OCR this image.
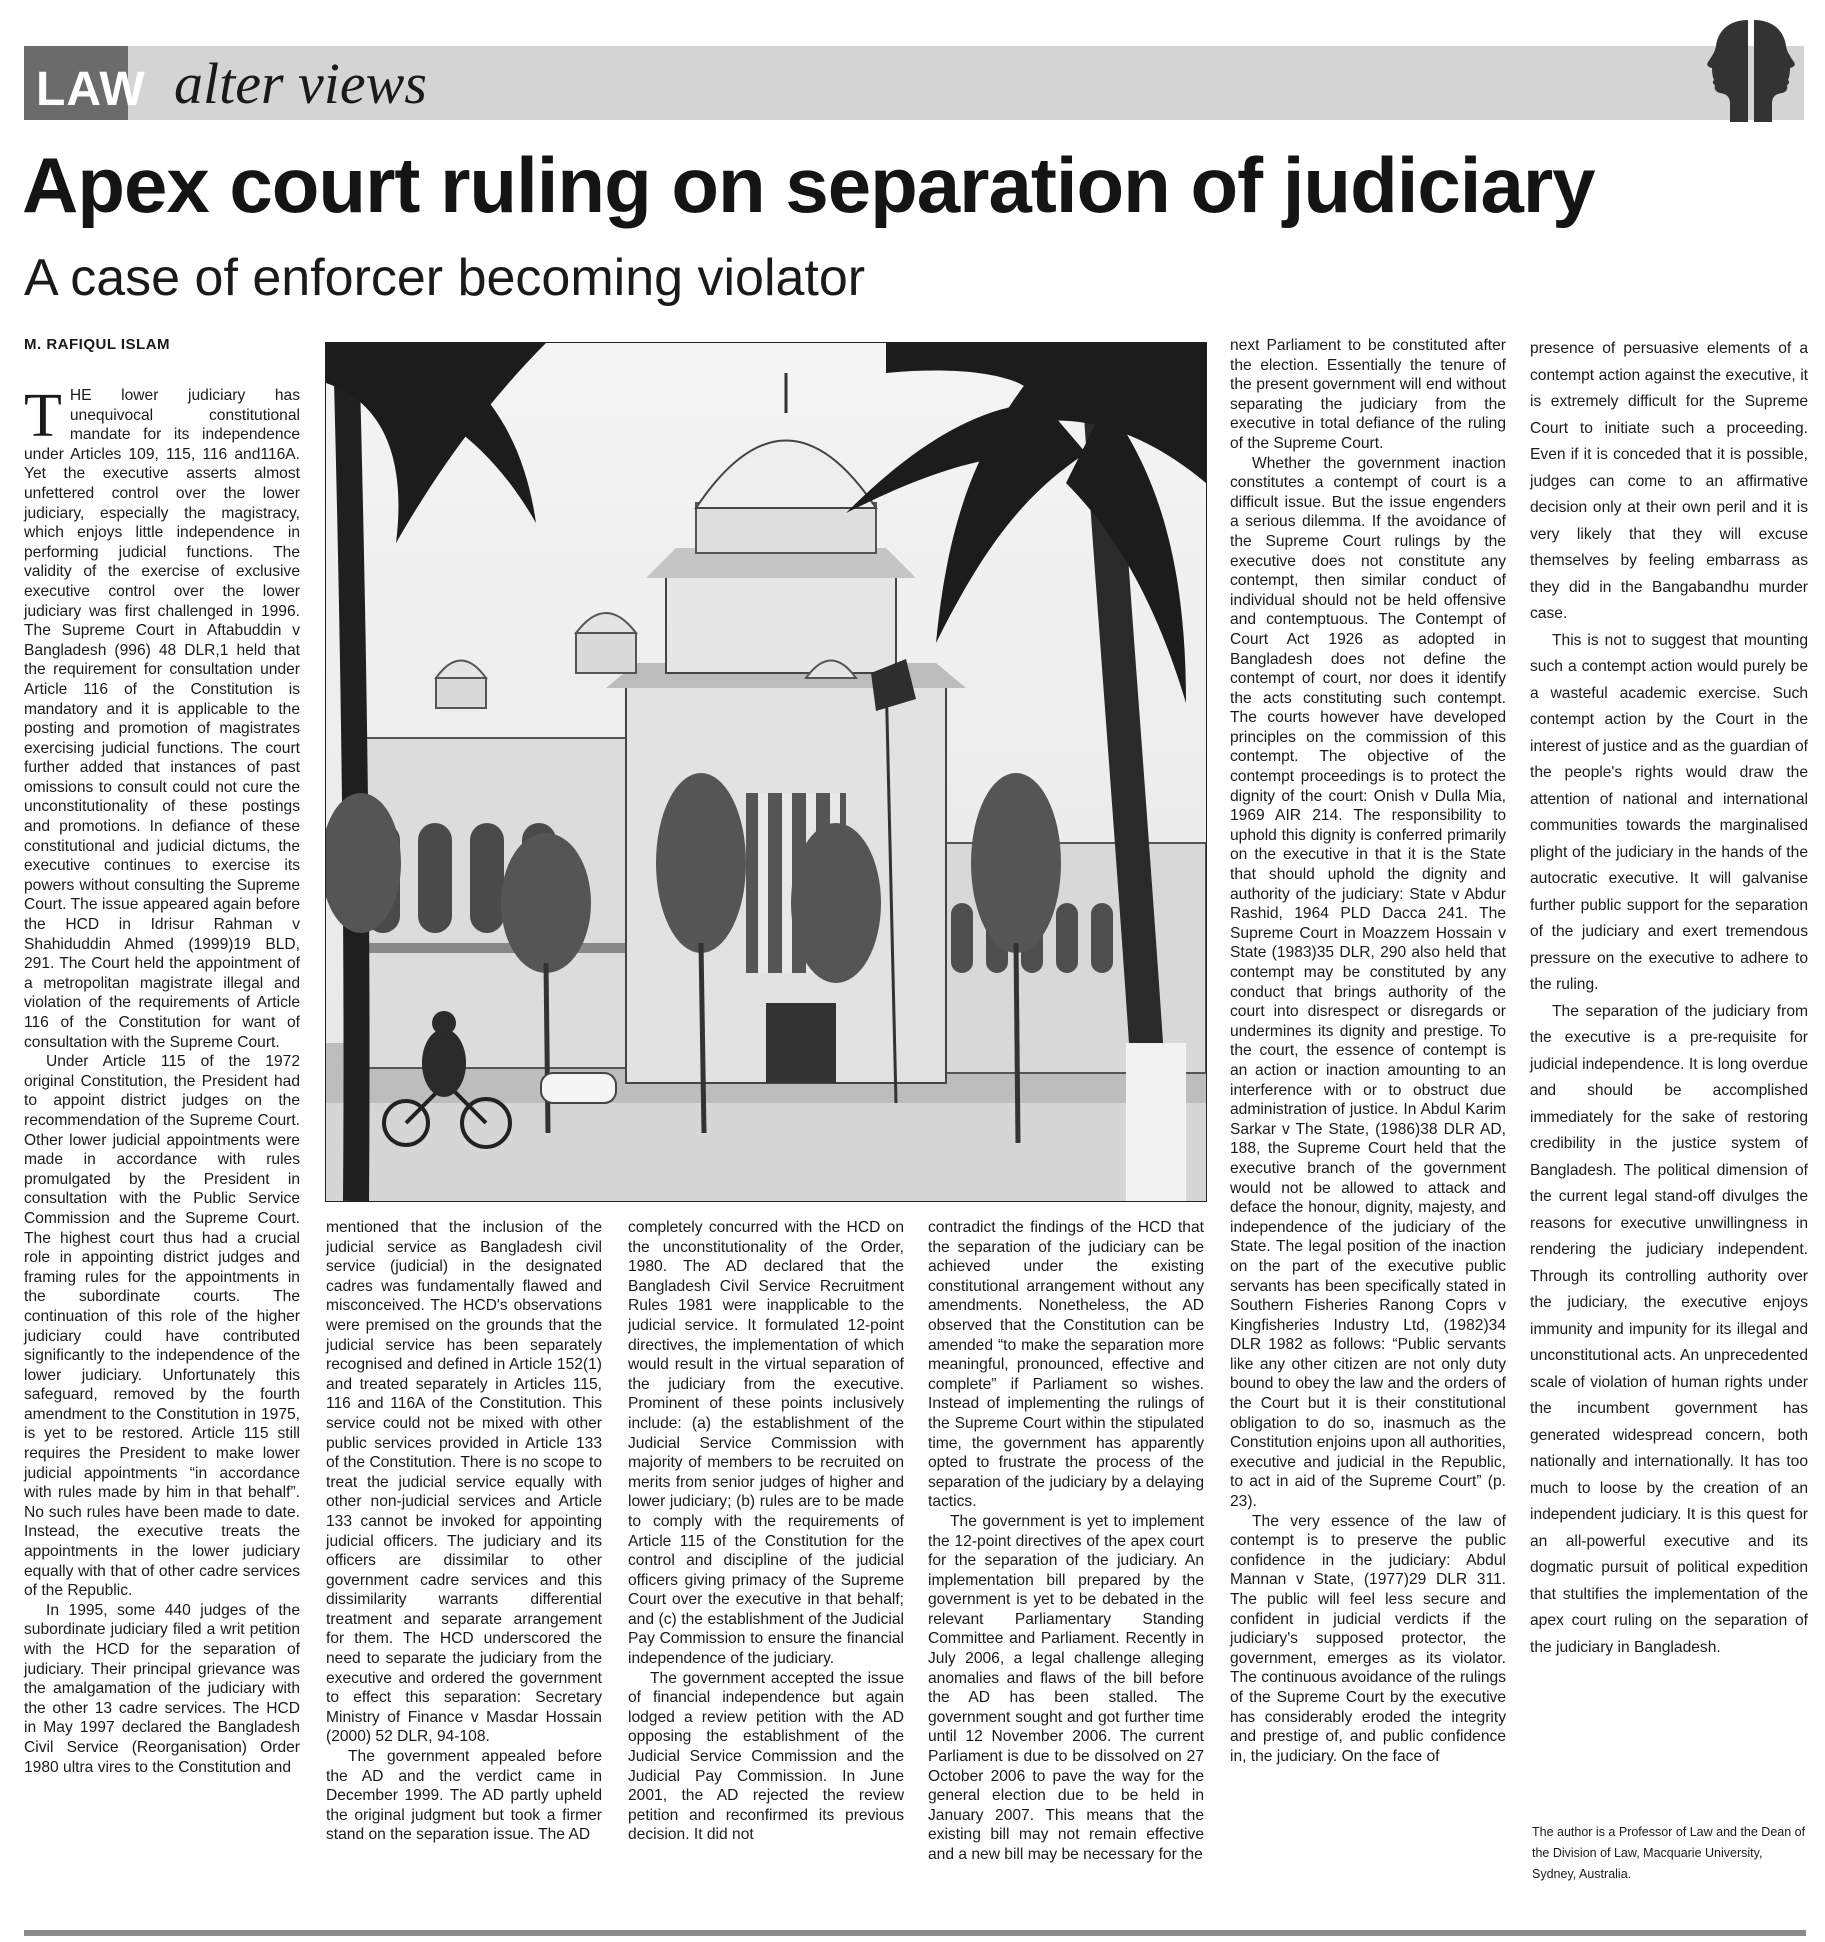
LAW alter views
Apex court ruling on separation of judiciary
A case of enforcer becoming violator
M. RAFIQUL ISLAM

THE lower judiciary has unequivocal constitutional mandate for its independence under Articles 109, 115, 116 and116A. Yet the executive asserts almost unfettered control over the lower judiciary, especially the magistracy, which enjoys little independence in performing judicial functions. The validity of the exercise of exclusive executive control over the lower judiciary was first challenged in 1996. The Supreme Court in Aftabuddin v Bangladesh (996) 48 DLR,1 held that the requirement for consultation under Article 116 of the Constitution is mandatory and it is applicable to the posting and promotion of magistrates exercising judicial functions. The court further added that instances of past omissions to consult could not cure the unconstitutionality of these postings and promotions. In defiance of these constitutional and judicial dictums, the executive continues to exercise its powers without consulting the Supreme Court. The issue appeared again before the HCD in Idrisur Rahman v Shahiduddin Ahmed (1999)19 BLD, 291. The Court held the appointment of a metropolitan magistrate illegal and violation of the requirements of Article 116 of the Constitution for want of consultation with the Supreme Court.

Under Article 115 of the 1972 original Constitution, the President had to appoint district judges on the recommendation of the Supreme Court. Other lower judicial appointments were made in accordance with rules promulgated by the President in consultation with the Public Service Commission and the Supreme Court. The highest court thus had a crucial role in appointing district judges and framing rules for the appointments in the subordinate courts. The continuation of this role of the higher judiciary could have contributed significantly to the independence of the lower judiciary. Unfortunately this safeguard, removed by the fourth amendment to the Constitution in 1975, is yet to be restored. Article 115 still requires the President to make lower judicial appointments “in accordance with rules made by him in that behalf”. No such rules have been made to date. Instead, the executive treats the appointments in the lower judiciary equally with that of other cadre services of the Republic.

In 1995, some 440 judges of the subordinate judiciary filed a writ petition with the HCD for the separation of judiciary. Their principal grievance was the amalgamation of the judiciary with the other 13 cadre services. The HCD in May 1997 declared the Bangladesh Civil Service (Reorganisation) Order 1980 ultra vires to the Constitution and

mentioned that the inclusion of the judicial service as Bangladesh civil service (judicial) in the designated cadres was fundamentally flawed and misconceived. The HCD's observations were premised on the grounds that the judicial service has been separately recognised and defined in Article 152(1) and treated separately in Articles 115, 116 and 116A of the Constitution. This service could not be mixed with other public services provided in Article 133 of the Constitution. There is no scope to treat the judicial service equally with other non-judicial services and Article 133 cannot be invoked for appointing judicial officers. The judiciary and its officers are dissimilar to other government cadre services and this dissimilarity warrants differential treatment and separate arrangement for them. The HCD underscored the need to separate the judiciary from the executive and ordered the government to effect this separation: Secretary Ministry of Finance v Masdar Hossain (2000) 52 DLR, 94-108.

The government appealed before the AD and the verdict came in December 1999. The AD partly upheld the original judgment but took a firmer stand on the separation issue. The AD

completely concurred with the HCD on the unconstitutionality of the Order, 1980. The AD declared that the Bangladesh Civil Service Recruitment Rules 1981 were inapplicable to the judicial service. It formulated 12-point directives, the implementation of which would result in the virtual separation of the judiciary from the executive. Prominent of these points inclusively include: (a) the establishment of the Judicial Service Commission with majority of members to be recruited on merits from senior judges of higher and lower judiciary; (b) rules are to be made to comply with the requirements of Article 115 of the Constitution for the control and discipline of the judicial officers giving primacy of the Supreme Court over the executive in that behalf; and (c) the establishment of the Judicial Pay Commission to ensure the financial independence of the judiciary.

The government accepted the issue of financial independence but again lodged a review petition with the AD opposing the establishment of the Judicial Service Commission and the Judicial Pay Commission. In June 2001, the AD rejected the review petition and reconfirmed its previous decision. It did not

contradict the findings of the HCD that the separation of the judiciary can be achieved under the existing constitutional arrangement without any amendments. Nonetheless, the AD observed that the Constitution can be amended “to make the separation more meaningful, pronounced, effective and complete” if Parliament so wishes. Instead of implementing the rulings of the Supreme Court within the stipulated time, the government has apparently opted to frustrate the process of the separation of the judiciary by a delaying tactics.

The government is yet to implement the 12-point directives of the apex court for the separation of the judiciary. An implementation bill prepared by the government is yet to be debated in the relevant Parliamentary Standing Committee and Parliament. Recently in July 2006, a legal challenge alleging anomalies and flaws of the bill before the AD has been stalled. The government sought and got further time until 12 November 2006. The current Parliament is due to be dissolved on 27 October 2006 to pave the way for the general election due to be held in January 2007. This means that the existing bill may not remain effective and a new bill may be necessary for the

next Parliament to be constituted after the election. Essentially the tenure of the present government will end without separating the judiciary from the executive in total defiance of the ruling of the Supreme Court.

Whether the government inaction constitutes a contempt of court is a difficult issue. But the issue engenders a serious dilemma. If the avoidance of the Supreme Court rulings by the executive does not constitute any contempt, then similar conduct of individual should not be held offensive and contemptuous. The Contempt of Court Act 1926 as adopted in Bangladesh does not define the contempt of court, nor does it identify the acts constituting such contempt. The courts however have developed principles on the commission of this contempt. The objective of the contempt proceedings is to protect the dignity of the court: Onish v Dulla Mia, 1969 AIR 214. The responsibility to uphold this dignity is conferred primarily on the executive in that it is the State that should uphold the dignity and authority of the judiciary: State v Abdur Rashid, 1964 PLD Dacca 241. The Supreme Court in Moazzem Hossain v State (1983)35 DLR, 290 also held that contempt may be constituted by any conduct that brings authority of the court into disrespect or disregards or undermines its dignity and prestige. To the court, the essence of contempt is an action or inaction amounting to an interference with or to obstruct due administration of justice. In Abdul Karim Sarkar v The State, (1986)38 DLR AD, 188, the Supreme Court held that the executive branch of the government would not be allowed to attack and deface the honour, dignity, majesty, and independence of the judiciary of the State. The legal position of the inaction on the part of the executive public servants has been specifically stated in Southern Fisheries Ranong Coprs v Kingfisheries Industry Ltd, (1982)34 DLR 1982 as follows: “Public servants like any other citizen are not only duty bound to obey the law and the orders of the Court but it is their constitutional obligation to do so, inasmuch as the Constitution enjoins upon all authorities, executive and judicial in the Republic, to act in aid of the Supreme Court” (p. 23).

The very essence of the law of contempt is to preserve the public confidence in the judiciary: Abdul Mannan v State, (1977)29 DLR 311. The public will feel less secure and confident in judicial verdicts if the judiciary's supposed protector, the government, emerges as its violator. The continuous avoidance of the rulings of the Supreme Court by the executive has considerably eroded the integrity and prestige of, and public confidence in, the judiciary. On the face of

presence of persuasive elements of a contempt action against the executive, it is extremely difficult for the Supreme Court to initiate such a proceeding. Even if it is conceded that it is possible, judges can come to an affirmative decision only at their own peril and it is very likely that they will excuse themselves by feeling embarrass as they did in the Bangabandhu murder case.

This is not to suggest that mounting such a contempt action would purely be a wasteful academic exercise. Such contempt action by the Court in the interest of justice and as the guardian of the people's rights would draw the attention of national and international communities towards the marginalised plight of the judiciary in the hands of the autocratic executive. It will galvanise further public support for the separation of the judiciary and exert tremendous pressure on the executive to adhere to the ruling.

The separation of the judiciary from the executive is a pre-requisite for judicial independence. It is long overdue and should be accomplished immediately for the sake of restoring credibility in the justice system of Bangladesh. The political dimension of the current legal stand-off divulges the reasons for executive unwillingness in rendering the judiciary independent. Through its controlling authority over the judiciary, the executive enjoys immunity and impunity for its illegal and unconstitutional acts. An unprecedented scale of violation of human rights under the incumbent government has generated widespread concern, both nationally and internationally. It has too much to loose by the creation of an independent judiciary. It is this quest for an all-powerful executive and its dogmatic pursuit of political expedition that stultifies the implementation of the apex court ruling on the separation of the judiciary in Bangladesh.

The author is a Professor of Law and the Dean of the Division of Law, Macquarie University, Sydney, Australia.
